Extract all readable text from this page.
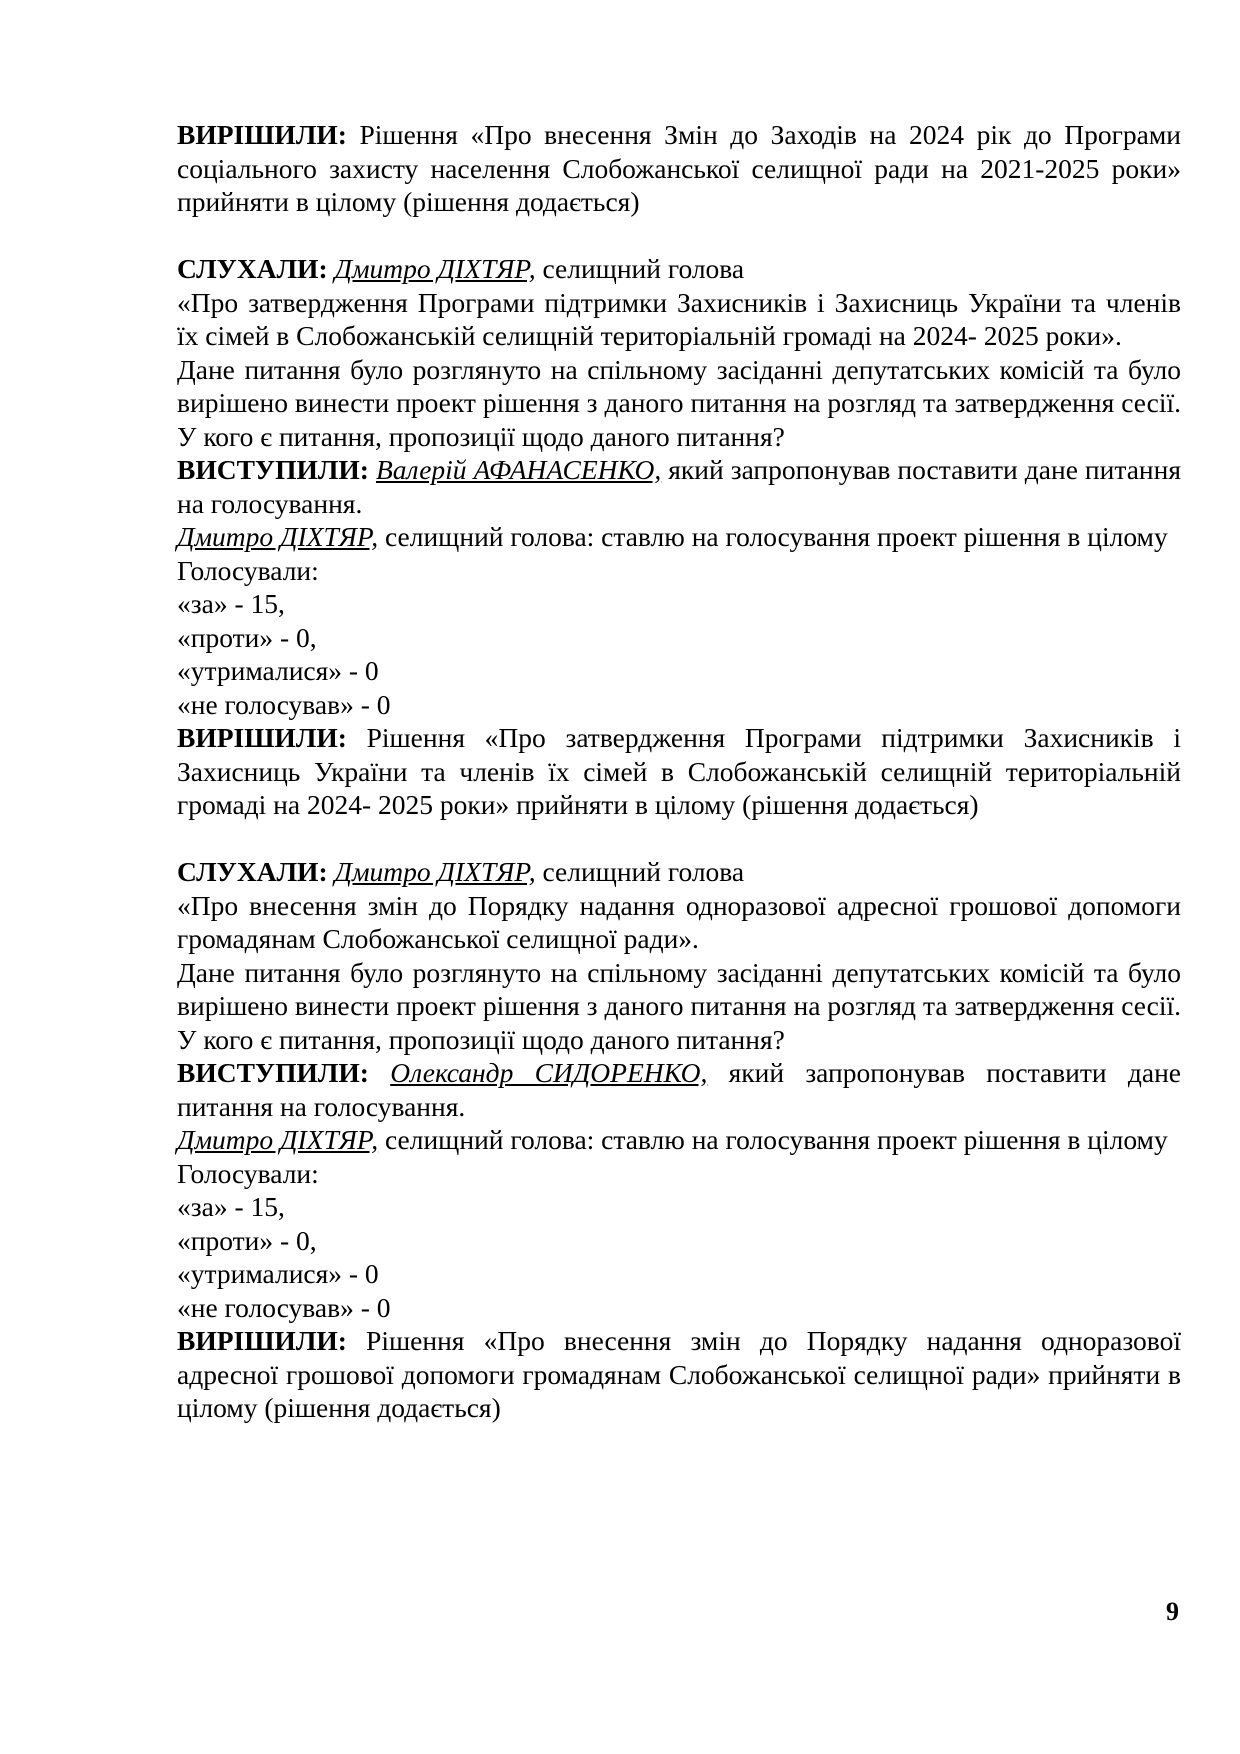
ВИРІШИЛИ: Рішення «Про внесення Змін до Заходів на 2024 рік до Програми соціального захисту населення Слобожанської селищної ради на 2021-2025 роки» прийняти в цілому (рішення додається)

СЛУХАЛИ: Дмитро ДІХТЯР, селищний голова

«Про затвердження Програми підтримки Захисників і Захисниць України та членів їх сімей в Слобожанській селищній територіальній громаді на 2024- 2025 роки».

Дане питання було розглянуто на спільному засіданні депутатських комісій та було вирішено винести проект рішення з даного питання на розгляд та затвердження сесії. У кого є питання, пропозиції щодо даного питання?

ВИСТУПИЛИ: Валерій АФАНАСЕНКО, який запропонував поставити дане питання на голосування.

Дмитро ДІХТЯР, селищний голова: ставлю на голосування проект рішення в цілому

Голосували:

«за» - 15,

«проти» - 0,

«утрималися» - 0

«не голосував» - 0

ВИРІШИЛИ: Рішення «Про затвердження Програми підтримки Захисників і Захисниць України та членів їх сімей в Слобожанській селищній територіальній громаді на 2024- 2025 роки» прийняти в цілому (рішення додається)

СЛУХАЛИ: Дмитро ДІХТЯР, селищний голова

«Про внесення змін до Порядку надання одноразової адресної грошової допомоги громадянам Слобожанської селищної ради».

Дане питання було розглянуто на спільному засіданні депутатських комісій та було вирішено винести проект рішення з даного питання на розгляд та затвердження сесії. У кого є питання, пропозиції щодо даного питання?

ВИСТУПИЛИ: Олександр СИДОРЕНКО, який запропонував поставити дане питання на голосування.

Дмитро ДІХТЯР, селищний голова: ставлю на голосування проект рішення в цілому

Голосували:

«за» - 15,

«проти» - 0,

«утрималися» - 0

«не голосував» - 0

ВИРІШИЛИ: Рішення «Про внесення змін до Порядку надання одноразової адресної грошової допомоги громадянам Слобожанської селищної ради» прийняти в цілому (рішення додається)

9
